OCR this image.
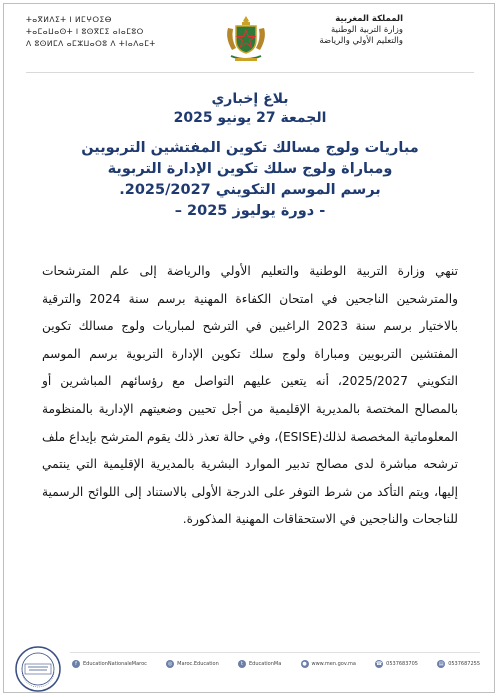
المملكة المغربية
وزارة التربية الوطنية
والتعليم الأولي والرياضة
ⵜⴰⴳⵍⴷⵉⵜ ⵏ ⵍⵎⵖⵔⵉⴱ
ⵜⴰⵎⴰⵡⴰⵙⵜ ⵏ ⵓⵙⴳⵎⵉ ⴰⵏⴰⵎⵓⵔ
ⴷ ⵓⵙⵍⵎⴷ ⴰⵎⵣⵡⴰⵔⵓ ⴷ ⵜⵏⴰⴷⴰⵎⵜ
بلاغ إخباري
الجمعة 27 يونيو 2025
مباريات ولوج مسالك تكوين المفتشين التربويين
ومباراة ولوج سلك تكوين الإدارة التربوية
برسم الموسم التكويني 2025/2027.
- دورة يوليوز 2025 –
تنهي وزارة التربية الوطنية والتعليم الأولي والرياضة إلى علم المترشحات والمترشحين الناجحين في امتحان الكفاءة المهنية برسم سنة 2024 والترقية بالاختيار برسم سنة 2023 الراغبين في الترشح لمباريات ولوج مسالك تكوين المفتشين التربويين ومباراة ولوج سلك تكوين الإدارة التربوية برسم الموسم التكويني 2025/2027، أنه يتعين عليهم التواصل مع رؤسائهم المباشرين أو بالمصالح المختصة بالمديرية الإقليمية من أجل تحيين وضعيتهم الإدارية بالمنظومة المعلوماتية المخصصة لذلك(ESISE)، وفي حالة تعذر ذلك يقوم المترشح بإيداع ملف ترشحه مباشرة لدى مصالح تدبير الموارد البشرية بالمديرية الإقليمية التي ينتمي إليها، ويتم التأكد من شرط التوفر على الدرجة الأولى بالاستناد إلى اللوائح الرسمية للناجحات والناجحين في الاستحقاقات المهنية المذكورة.
f	EducationNationaleMaroc	◎ Maroc.Education	t	EducationMa	● www.men.gov.ma	☎ 0537683705	▤ 0537687255
